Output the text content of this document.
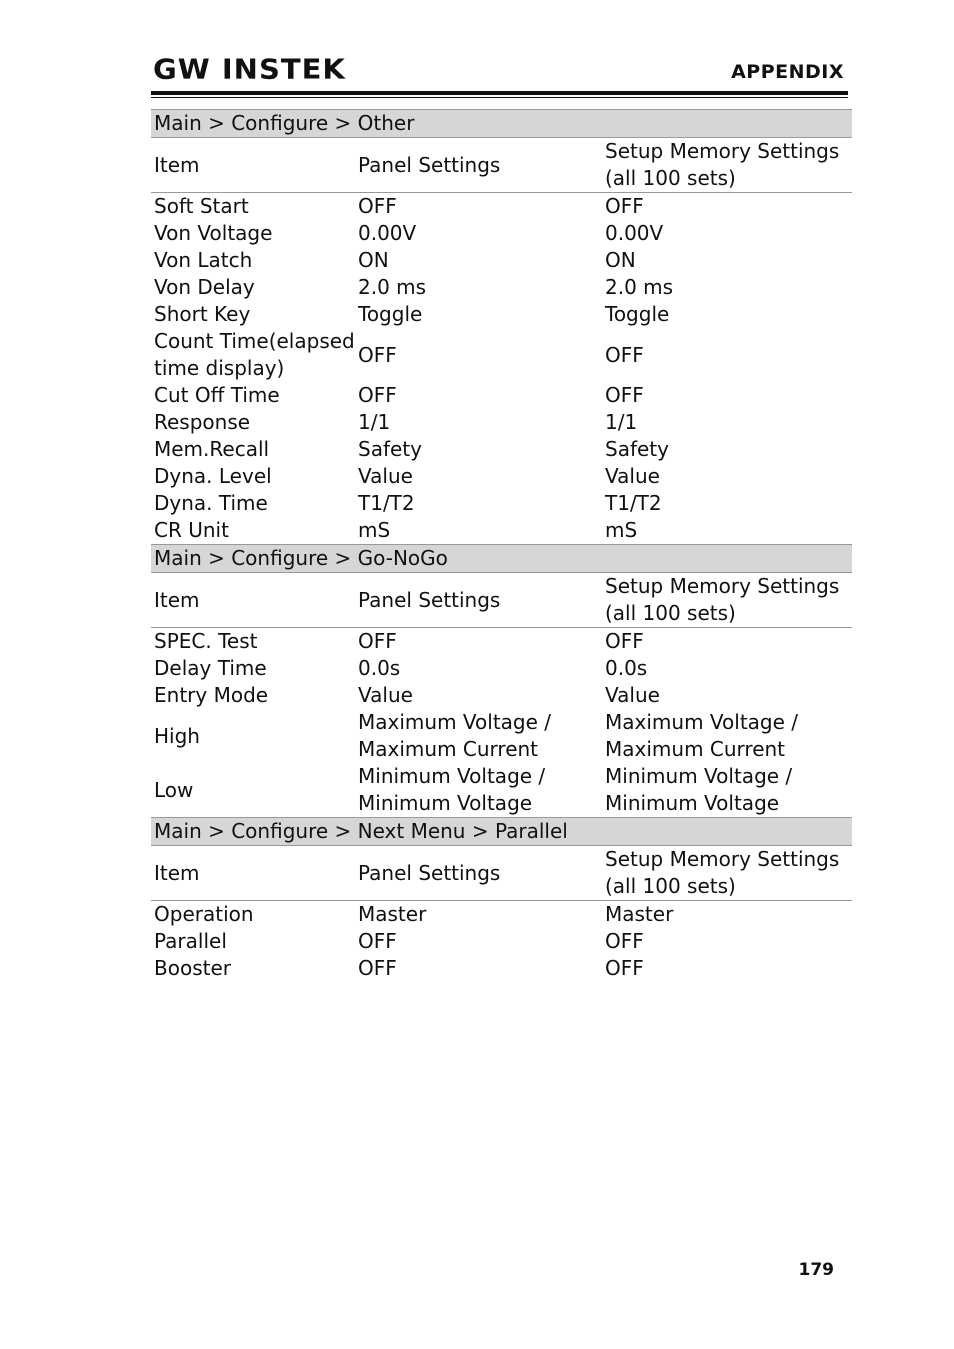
GW INSTEK	APPENDIX
Main > Configure > Other		
Item	Panel Settings	Setup Memory Settings (all 100 sets)
Soft Start	OFF	OFF
Von Voltage	0.00V	0.00V
Von Latch	ON	ON
Von Delay	2.0 ms	2.0 ms
Short Key	Toggle	Toggle
Count Time(elapsed time display)	OFF	OFF
Cut Off Time	OFF	OFF
Response	1/1	1/1
Mem.Recall	Safety	Safety
Dyna. Level	Value	Value
Dyna. Time	T1/T2	T1/T2
CR Unit	mS	mS
Main > Configure > Go-NoGo		
Item	Panel Settings	Setup Memory Settings (all 100 sets)
SPEC. Test	OFF	OFF
Delay Time	0.0s	0.0s
Entry Mode	Value	Value
High	Maximum Voltage / Maximum Current	Maximum Voltage / Maximum Current
Low	Minimum Voltage / Minimum Voltage	Minimum Voltage / Minimum Voltage
Main > Configure > Next Menu > Parallel		
Item	Panel Settings	Setup Memory Settings (all 100 sets)
Operation	Master	Master
Parallel	OFF	OFF
Booster	OFF	OFF
179
